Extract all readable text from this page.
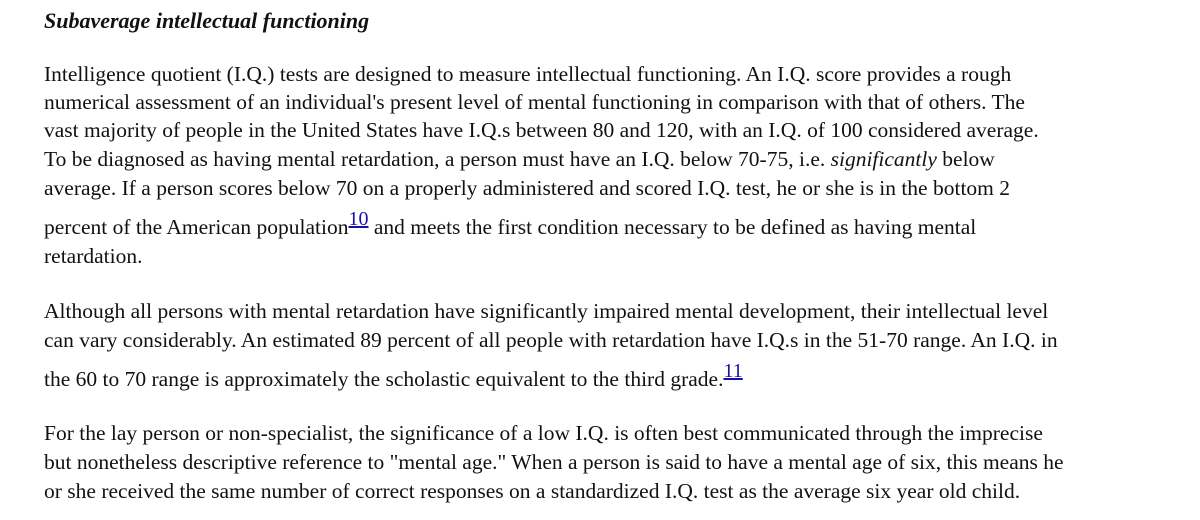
Subaverage intellectual functioning

Intelligence quotient (I.Q.) tests are designed to measure intellectual functioning. An I.Q. score provides a rough

numerical assessment of an individual's present level of mental functioning in comparison with that of others. The

vast majority of people in the United States have I.Q.s between 80 and 120, with an I.Q. of 100 considered average.

To be diagnosed as having mental retardation, a person must have an I.Q. below 70-75, i.e. significantly below

average. If a person scores below 70 on a properly administered and scored I.Q. test, he or she is in the bottom 2

percent of the American population10 and meets the first condition necessary to be defined as having mental

retardation.

Although all persons with mental retardation have significantly impaired mental development, their intellectual level

can vary considerably. An estimated 89 percent of all people with retardation have I.Q.s in the 51-70 range. An I.Q. in

the 60 to 70 range is approximately the scholastic equivalent to the third grade.11

For the lay person or non-specialist, the significance of a low I.Q. is often best communicated through the imprecise

but nonetheless descriptive reference to "mental age." When a person is said to have a mental age of six, this means he

or she received the same number of correct responses on a standardized I.Q. test as the average six year old child.
